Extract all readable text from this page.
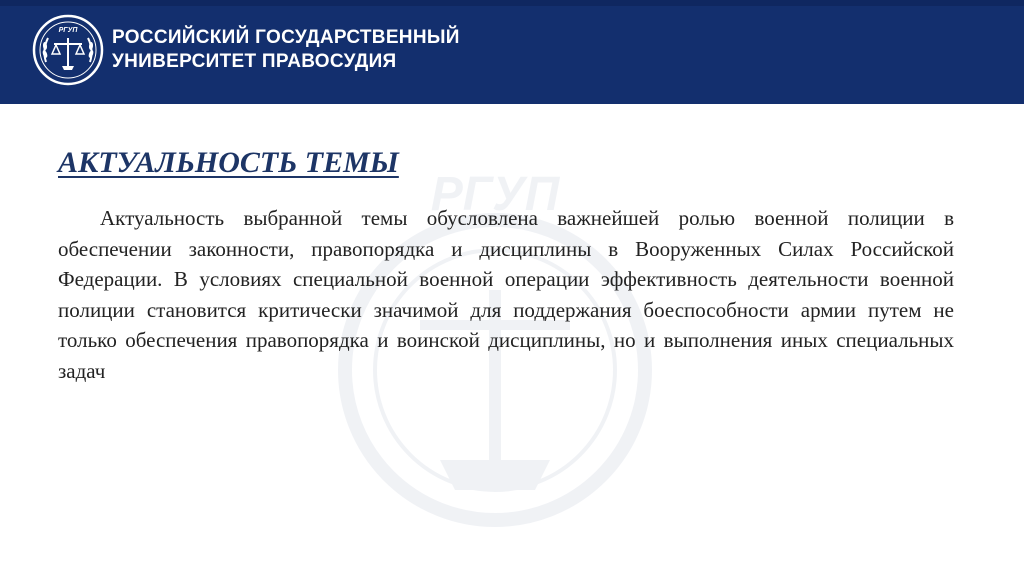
РГУП РОССИЙСКИЙ ГОСУДАРСТВЕННЫЙ
УНИВЕРСИТЕТ ПРАВОСУДИЯ
РГУП
АКТУАЛЬНОСТЬ ТЕМЫ

Актуальность выбранной темы обусловлена важнейшей ролью военной полиции в обеспечении законности, правопорядка и дисциплины в Вооруженных Силах Российской Федерации. В условиях специальной военной операции эффективность деятельности военной полиции становится критически значимой для поддержания боеспособности армии путем не только обеспечения правопорядка и воинской дисциплины, но и выполнения иных специальных задач
